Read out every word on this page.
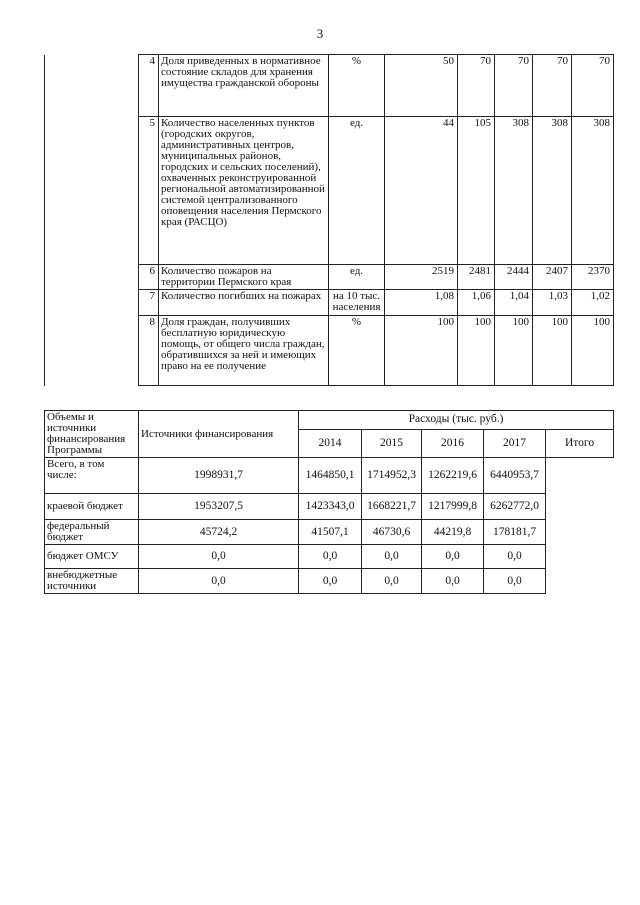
3
	4	Доля приведенных в нормативное состояние складов для хранения имущества гражданской обороны	%	50	70	70	70	70
	5	Количество населенных пунктов (городских округов, административных центров, муниципальных районов, городских и сельских поселений), охваченных реконструированной региональной автоматизированной системой централизованного оповещения населения Пермского края (РАСЦО)	ед.	44	105	308	308	308
	6	Количество пожаров на территории Пермского края	ед.	2519	2481	2444	2407	2370
	7	Количество погибших на пожарах	на 10 тыс. населения	1,08	1,06	1,04	1,03	1,02
	8	Доля граждан, получивших бесплатную юридическую помощь, от общего числа граждан, обратившихся за ней и имеющих право на ее получение	%	100	100	100	100	100
Объемы и источники финансирования Программы	Источники финансирования	Расходы (тыс. руб.)				
		2014	2015	2016	2017	Итого
Всего, в том числе:	1998931,7	1464850,1	1714952,3	1262219,6	6440953,7	
краевой бюджет	1953207,5	1423343,0	1668221,7	1217999,8	6262772,0	
федеральный бюджет	45724,2	41507,1	46730,6	44219,8	178181,7	
бюджет ОМСУ	0,0	0,0	0,0	0,0	0,0	
внебюджетные источники	0,0	0,0	0,0	0,0	0,0	
